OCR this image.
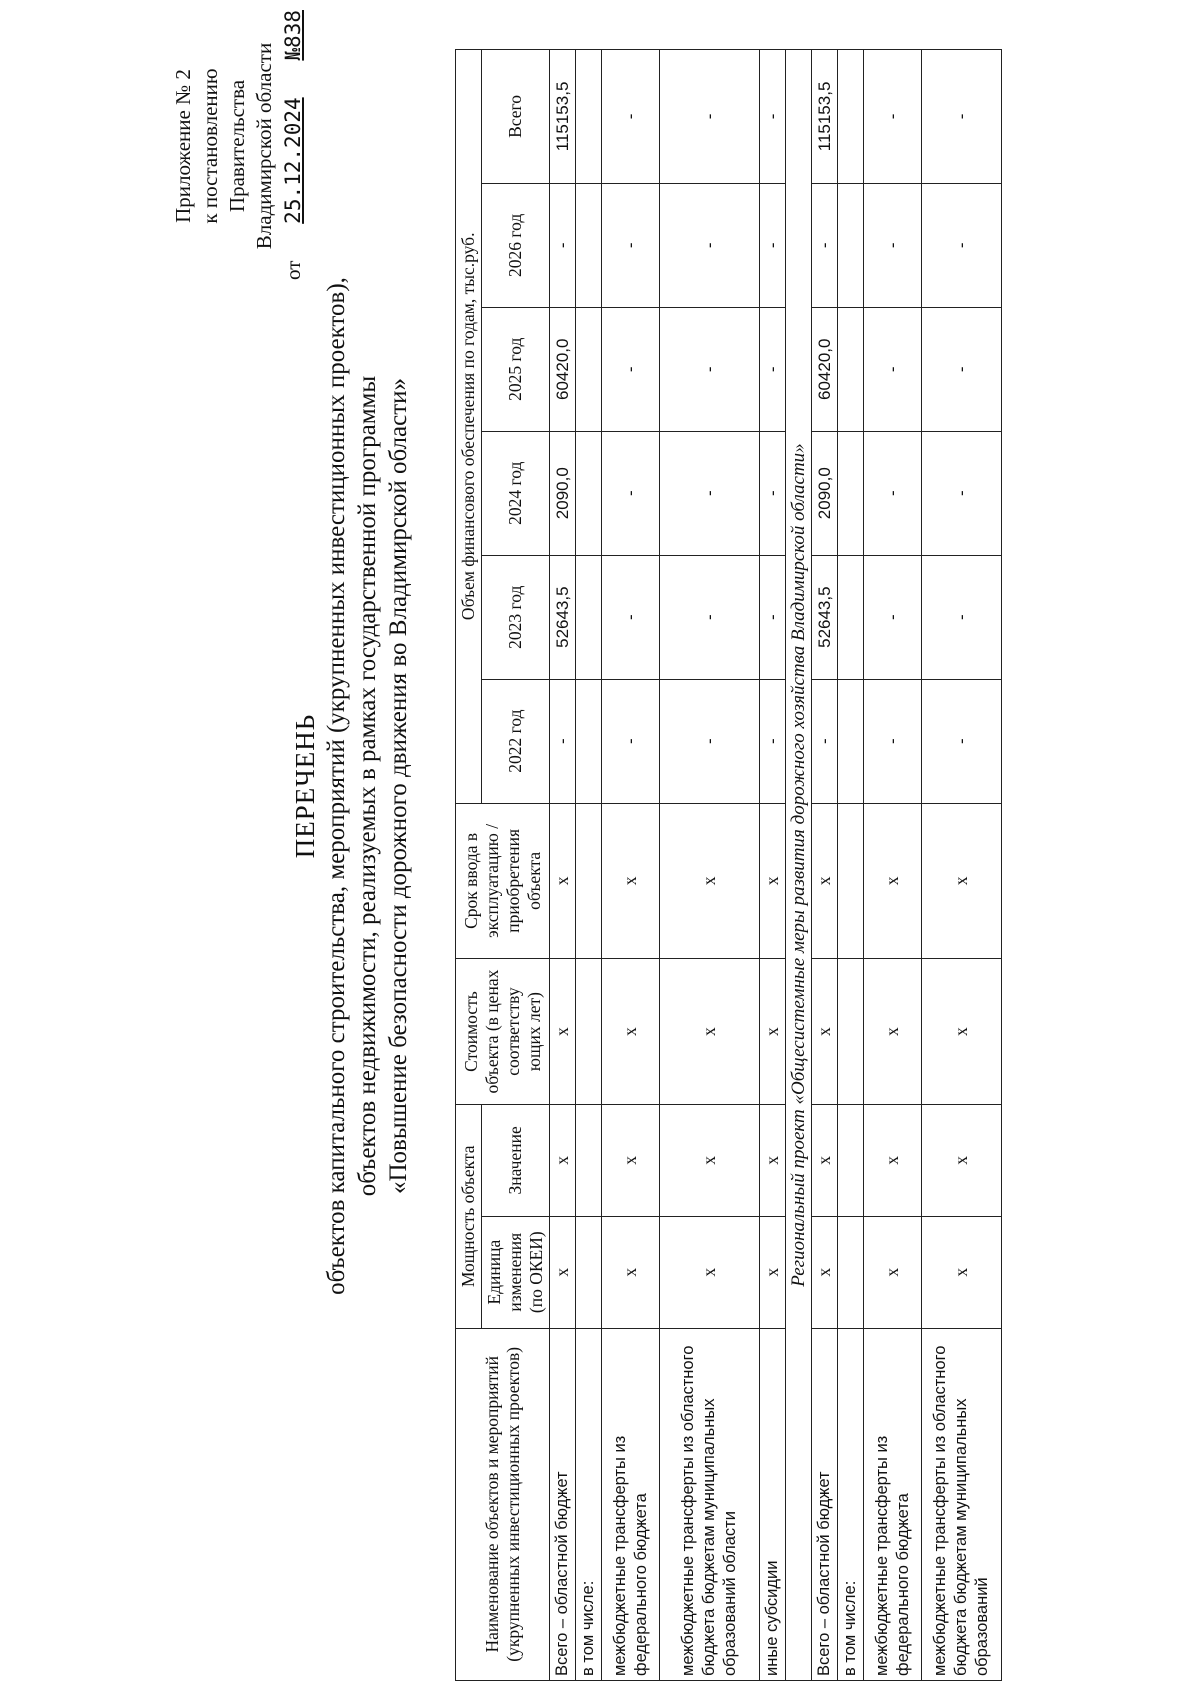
Приложение № 2 к постановлению Правительства Владимирской области
от
25.12.2024
№838
ПЕРЕЧЕНЬ объектов капитального строительства, мероприятий (укрупненных инвестиционных проектов), объектов недвижимости, реализуемых в рамках государственной программы «Повышение безопасности дорожного движения во Владимирской области»
Наименование объектов и мероприятий (укрупненных инвестиционных проектов)	Мощность объекта		Стоимость объекта (в ценах соответству ющих лет)	Срок ввода в эксплуатацию / приобретения объекта	Объем финансового обеспечения по годам, тыс.руб.					
	Единица изменения (по ОКЕИ)	Значение			2022 год	2023 год	2024 год	2025 год	2026 год	Всего
Всего – областной бюджет	х	х	х	х	-	52643,5	2090,0	60420,0	-	115153,5
в том числе:										
межбюджетные трансферты из федерального бюджета	х	х	х	х	-	-	-	-	-	-
межбюджетные трансферты из областного бюджета бюджетам муниципальных образований области	х	х	х	х	-	-	-	-	-	-
иные субсидии	х	х	х	х	-	-	-	-	-	-
Региональный проект «Общесистемные меры развития дорожного хозяйства Владимирской области»										
Всего – областной бюджет	х	х	х	х	-	52643,5	2090,0	60420,0	-	115153,5
в том числе:										
межбюджетные трансферты из федерального бюджета	х	х	х	х	-	-	-	-	-	-
межбюджетные трансферты из областного бюджета бюджетам муниципальных образований	х	х	х	х	-	-	-	-	-	-
